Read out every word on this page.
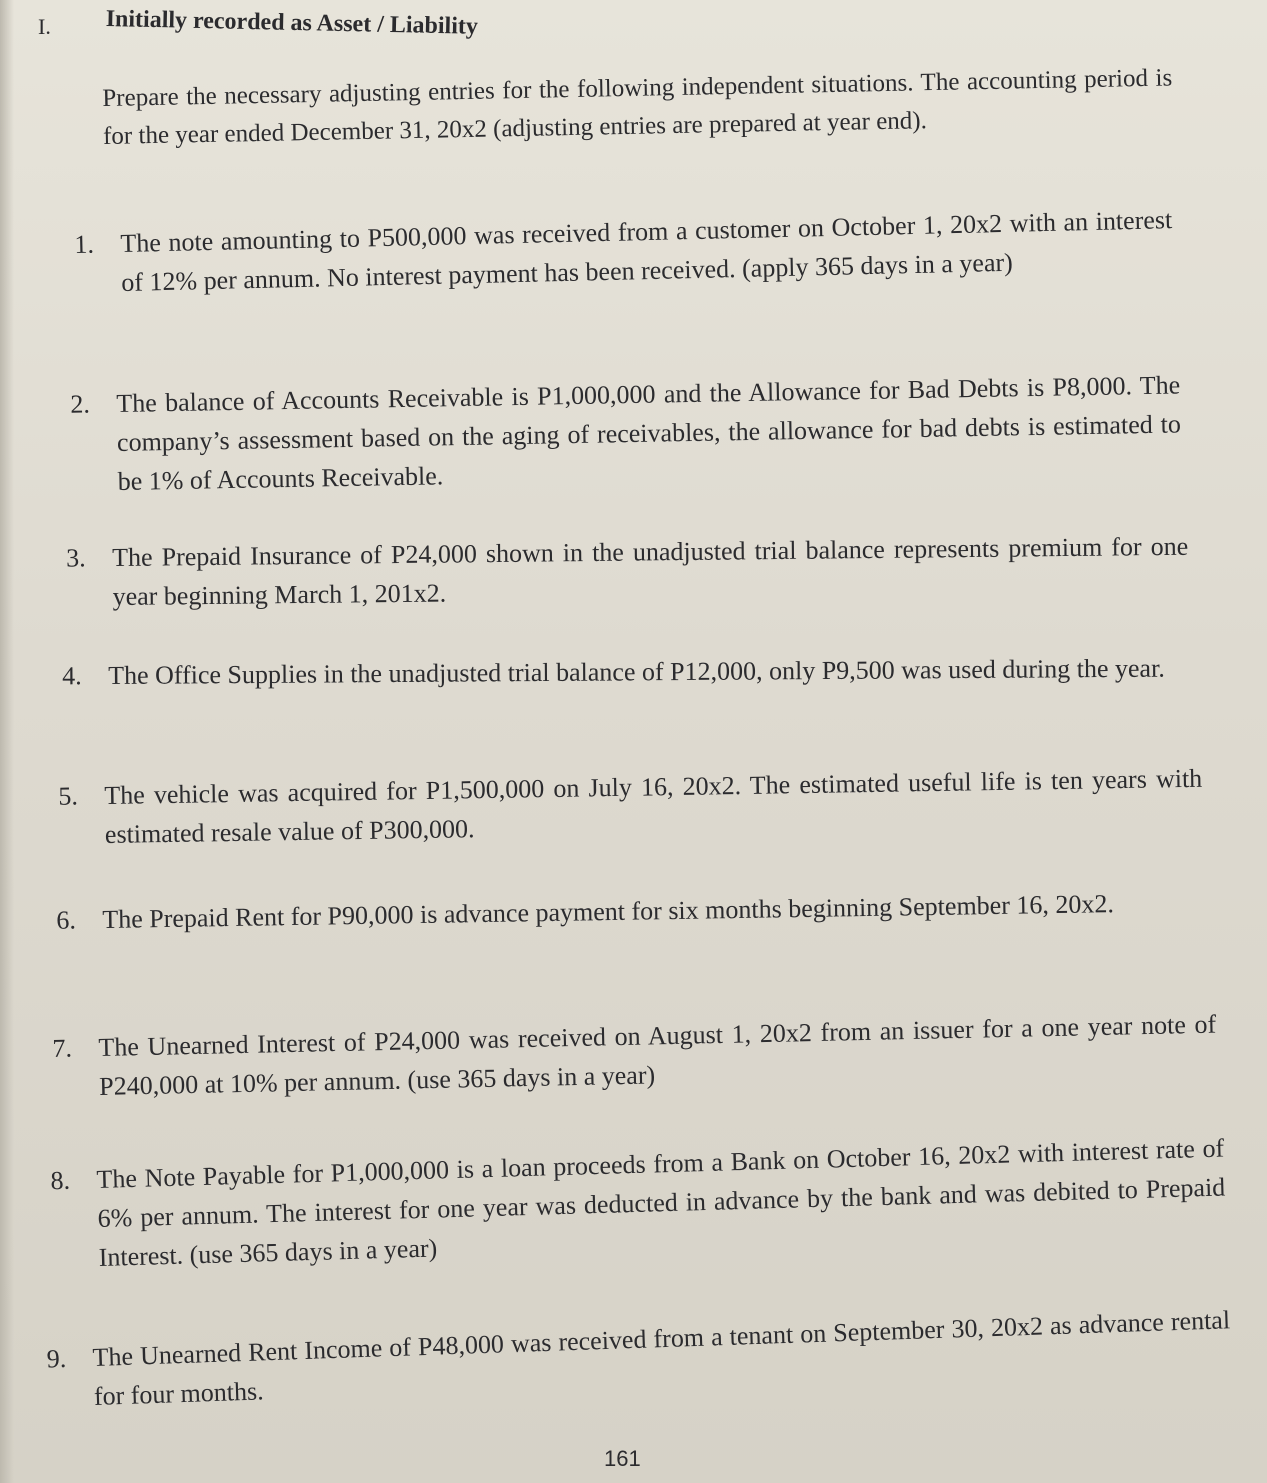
I. Initially recorded as Asset / Liability

Prepare the necessary adjusting entries for the following independent situations. The accounting period is for the year ended December 31, 20x2 (adjusting entries are prepared at year end).

1. The note amounting to P500,000 was received from a customer on October 1, 20x2 with an interest of 12% per annum. No interest payment has been received. (apply 365 days in a year)
2. The balance of Accounts Receivable is P1,000,000 and the Allowance for Bad Debts is P8,000. The company’s assessment based on the aging of receivables, the allowance for bad debts is estimated to be 1% of Accounts Receivable.
3.	The Prepaid Insurance of P24,000 shown in the unadjusted trial balance represents premium for one year beginning March 1, 201x2.
4.	The Office Supplies in the unadjusted trial balance of P12,000, only P9,500 was used during the year.
5.	The vehicle was acquired for P1,500,000 on July 16, 20x2. The estimated useful life is ten years with estimated resale value of P300,000.
6.	The Prepaid Rent for P90,000 is advance payment for six months beginning September 16, 20x2.
7. The Unearned Interest of P24,000 was received on August 1, 20x2 from an issuer for a one year note of P240,000 at 10% per annum. (use 365 days in a year)
8. The Note Payable for P1,000,000 is a loan proceeds from a Bank on October 16, 20x2 with interest rate of 6% per annum. The interest for one year was deducted in advance by the bank and was debited to Prepaid Interest. (use 365 days in a year)
9. The Unearned Rent Income of P48,000 was received from a tenant on September 30, 20x2 as advance rental for four months.
161
